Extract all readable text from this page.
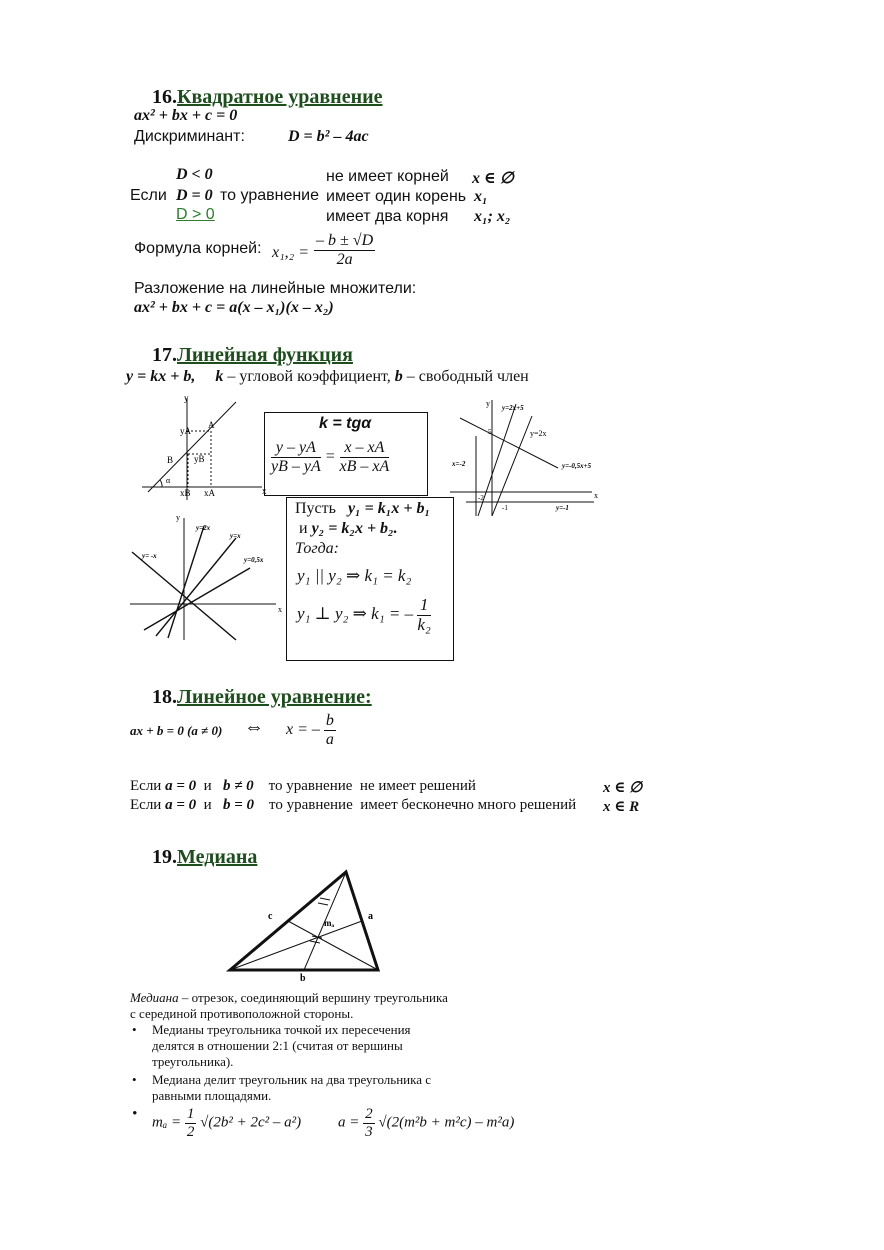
16.Квадратное уравнение
ax² + bx + c = 0
Дискриминант:	D = b² – 4ac
D < 0	не имеет корней x ∈ ∅
Если D = 0 то уравнение имеет один корень x₁
D > 0	имеет два корня x₁; x₂
Формула корней: $x_1,_2 = \frac{- b \pm √D}{2a}$
Разложение на линейные множители:
ax² + bx + c = a(x – x₁)(x – x₂)
17.Линейная функция
y = kx + b, k – угловой коэффициент, b – свободный член
y
x
yA
yB
xA
xB
A
B
α
k = tgα
$\frac{y - yA}{yB - yA} = \frac{x - xA}{xB - xA}$
y
x
y=2x+5
y=2x
y=-0,5x+5
x=-2
y=-1
5
-2
-1
y
x
y=2x
y=x
y=0,5x
y= -x
Пусть y₁ = k₁x + b₁
и y₂ = k₂x + b₂.
Тогда:
y₁ || y₂ ⇒ k₁ = k₂
y₁ ⊥ y₂ ⇒ k₁ = – $\frac{1}{\text{k₂}}$
18.Линейное уравнение:
ax + b = 0 (a ≠ 0) ⇔ x = – $\frac{b}{a}$
Если a = 0 и b ≠ 0 то уравнение не имеет решений	x ∈ ∅
Если a = 0 и b = 0 то уравнение имеет бесконечно много решений x ∈ R
19.Медиана
c	a
b
mₐ
Медиана – отрезок, соединяющий вершину треугольника
с серединой противоположной стороны.
• Медианы треугольника точкой их пересечения
делятся в отношении 2:1 (считая от вершины
треугольника).
• Медиана делит треугольник на два треугольника с
равными площадями.
• $m_a = \frac{1}{2} √(2b^2 + 2c^2 - a^2) a = \frac{2}{3} √(2(m^2b + m^2c) - m^2a)$
